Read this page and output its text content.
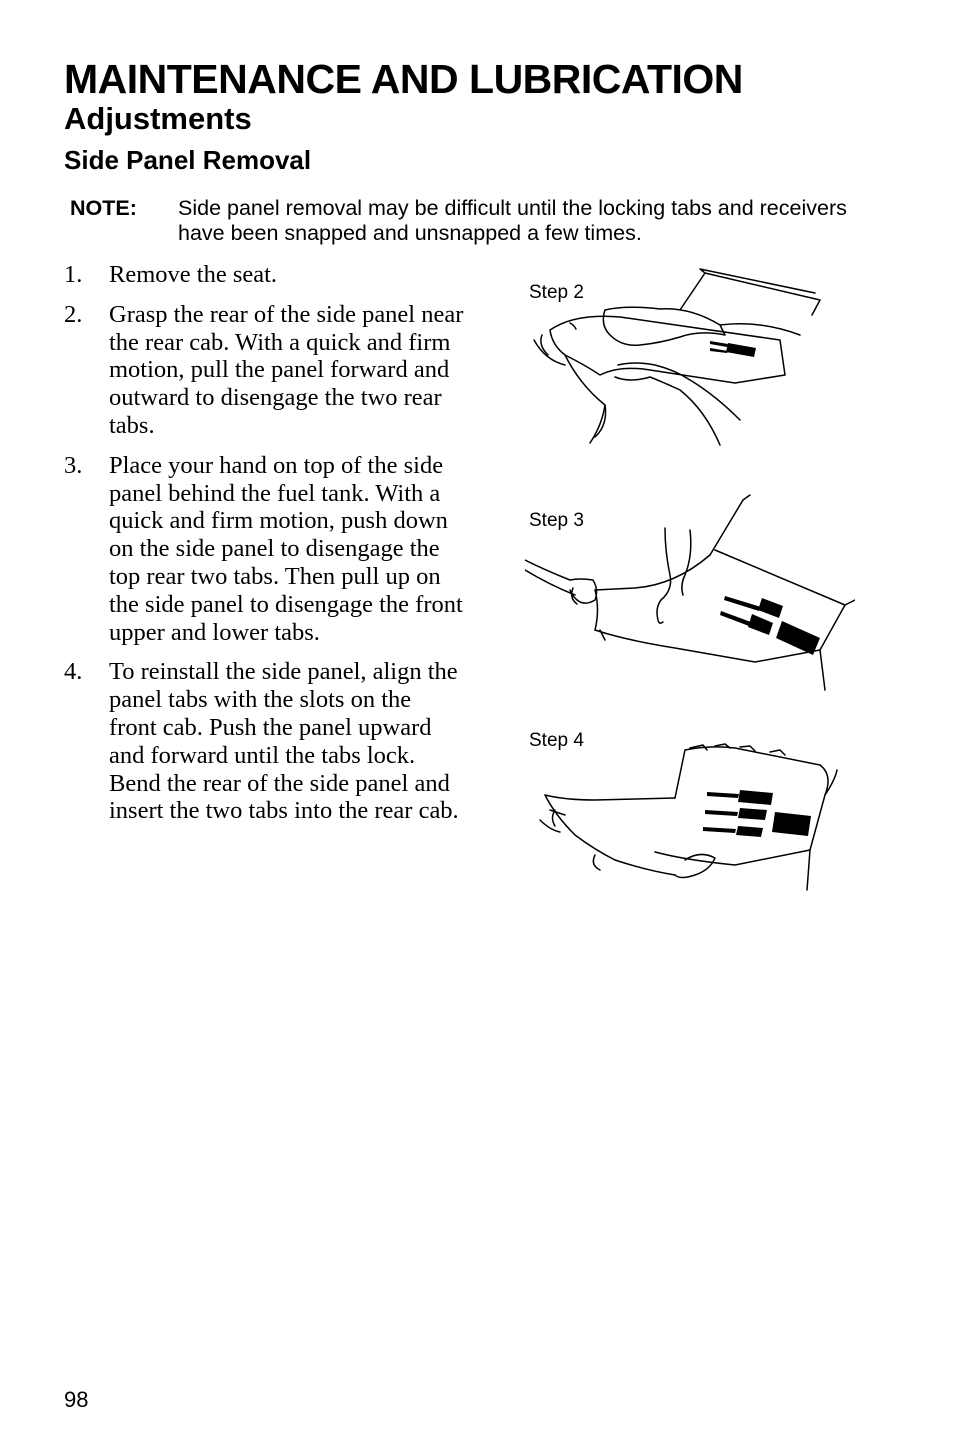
MAINTENANCE AND LUBRICATION
Adjustments
Side Panel Removal
NOTE: Side panel removal may be difficult until the locking tabs and receivers have been snapped and unsnapped a few times.
1. Remove the seat.
2. Grasp the rear of the side panel near the rear cab. With a quick and firm motion, pull the panel forward and outward to disengage the two rear tabs.
3. Place your hand on top of the side panel behind the fuel tank. With a quick and firm motion, push down on the side panel to disengage the top rear two tabs. Then pull up on the side panel to disengage the front upper and lower tabs.
4. To reinstall the side panel, align the panel tabs with the slots on the front cab. Push the panel upward and forward until the tabs lock. Bend the rear of the side panel and insert the two tabs into the rear cab.
Step 2
Step 3
Step 4
98
